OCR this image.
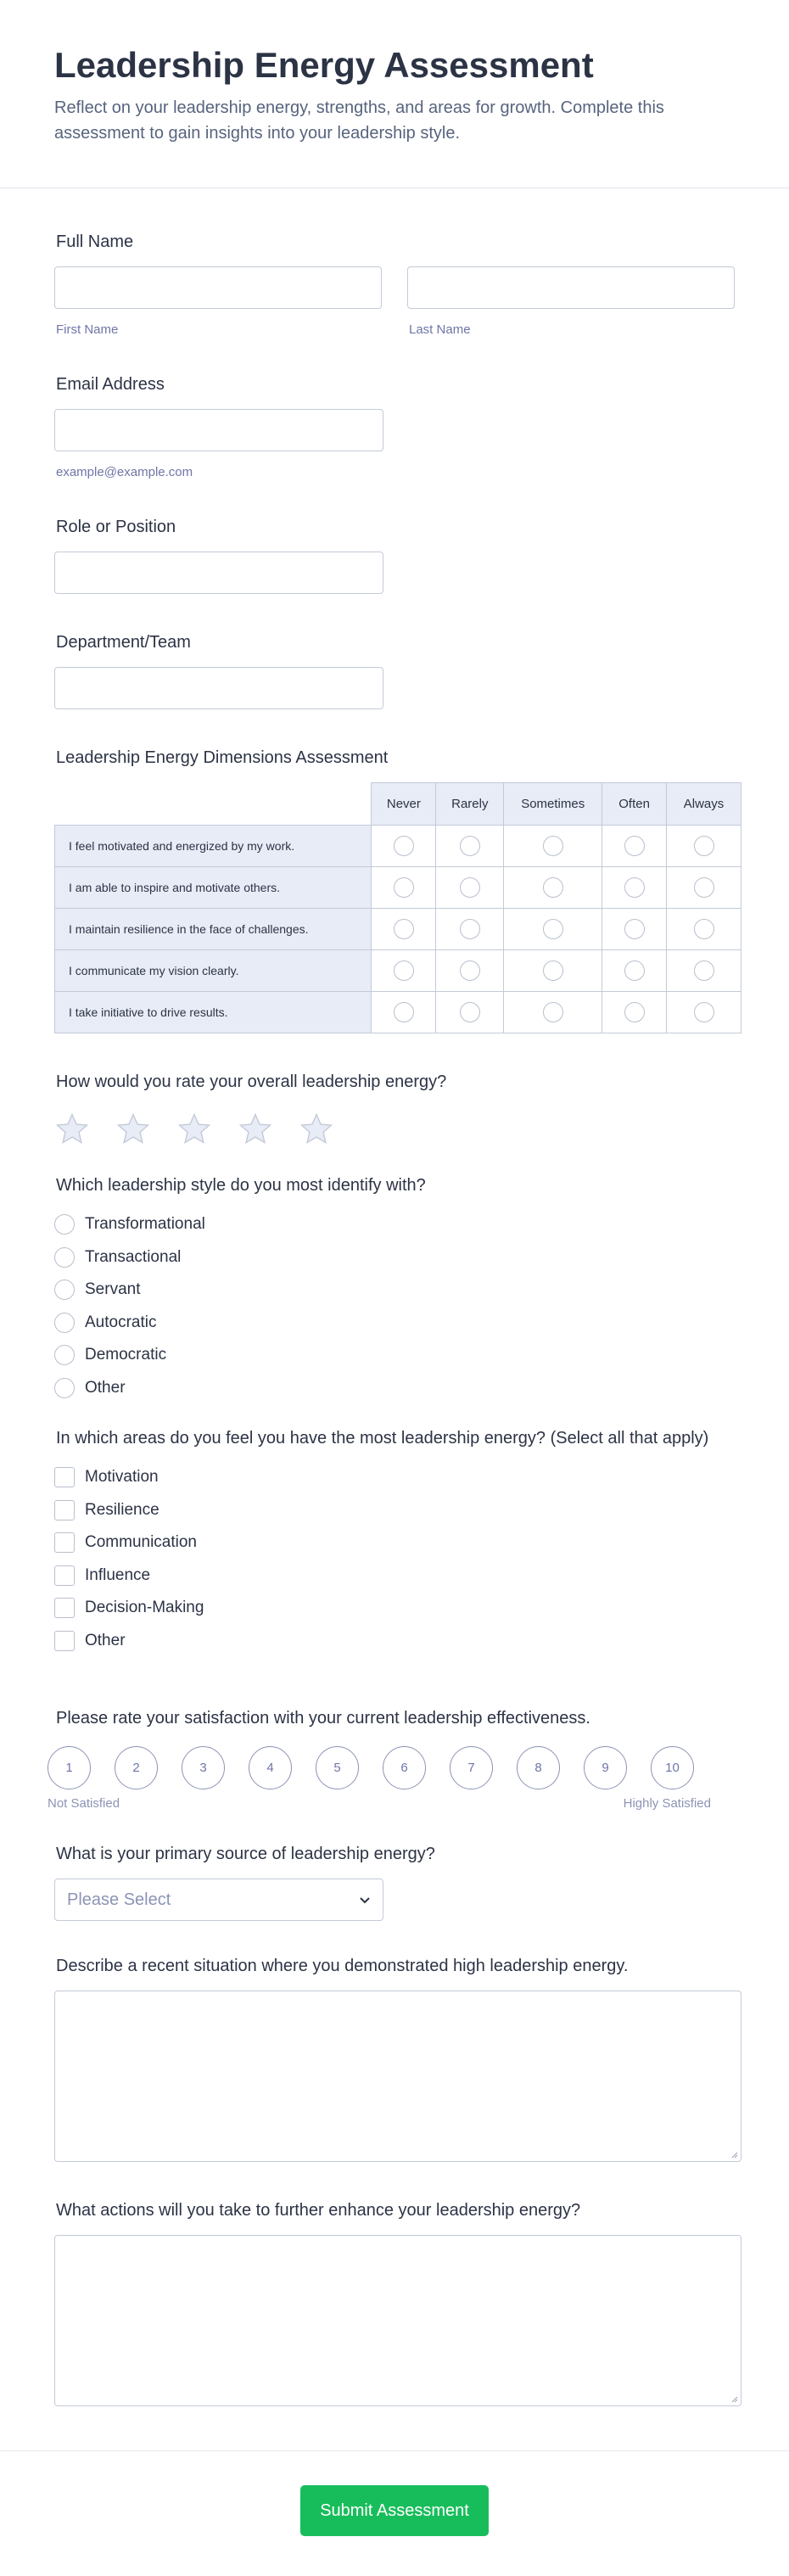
Leadership Energy Assessment
Reflect on your leadership energy, strengths, and areas for growth. Complete this assessment to gain insights into your leadership style.
Full Name
First Name	Last Name
Email Address
example@example.com
Role or Position
Department/Team
Leadership Energy Dimensions Assessment
	Never	Rarely	Sometimes	Often	Always
I feel motivated and energized by my work.					
I am able to inspire and motivate others.					
I maintain resilience in the face of challenges.					
I communicate my vision clearly.					
I take initiative to drive results.					
How would you rate your overall leadership energy?
Which leadership style do you most identify with?
Transformational
Transactional
Servant
Autocratic
Democratic
Other
In which areas do you feel you have the most leadership energy? (Select all that apply)
Motivation
Resilience
Communication
Influence
Decision-Making
Other
Please rate your satisfaction with your current leadership effectiveness.
1	2	3	4	5	6	7	8	9	10
Not Satisfied	Highly Satisfied
What is your primary source of leadership energy?
Please Select
Describe a recent situation where you demonstrated high leadership energy.
What actions will you take to further enhance your leadership energy?
Submit Assessment
